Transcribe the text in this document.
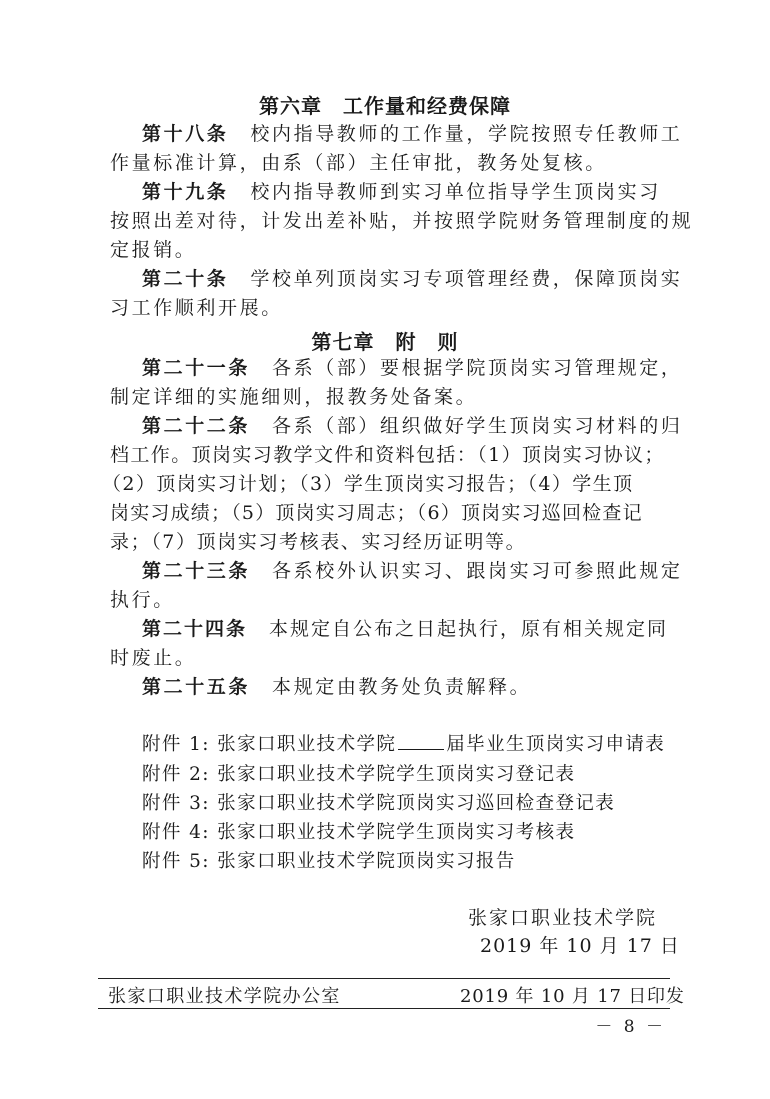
第六章　工作量和经费保障
第十八条 校内指导教师的工作量，学院按照专任教师工
作量标准计算，由系（部）主任审批，教务处复核。
第十九条 校内指导教师到实习单位指导学生顶岗实习
按照出差对待，计发出差补贴，并按照学院财务管理制度的规
定报销。
第二十条 学校单列顶岗实习专项管理经费，保障顶岗实
习工作顺利开展。
第七章　附　则
第二十一条 各系（部）要根据学院顶岗实习管理规定，
制定详细的实施细则，报教务处备案。
第二十二条 各系（部）组织做好学生顶岗实习材料的归
档工作。顶岗实习教学文件和资料包括：（1）顶岗实习协议；
（2）顶岗实习计划；（3）学生顶岗实习报告；（4）学生顶
岗实习成绩；（5）顶岗实习周志；（6）顶岗实习巡回检查记
录；（7）顶岗实习考核表、实习经历证明等。
第二十三条 各系校外认识实习、跟岗实习可参照此规定
执行。
第二十四条 本规定自公布之日起执行，原有相关规定同
时废止。
第二十五条 本规定由教务处负责解释。
附件 1: 张家口职业技术学院	届毕业生顶岗实习申请表
附件 2: 张家口职业技术学院学生顶岗实习登记表
附件 3: 张家口职业技术学院顶岗实习巡回检查登记表
附件 4: 张家口职业技术学院学生顶岗实习考核表
附件 5: 张家口职业技术学院顶岗实习报告
张家口职业技术学院
2019 年 10 月 17 日
张家口职业技术学院办公室	2019 年 10 月 17 日印发
－ 8 －
